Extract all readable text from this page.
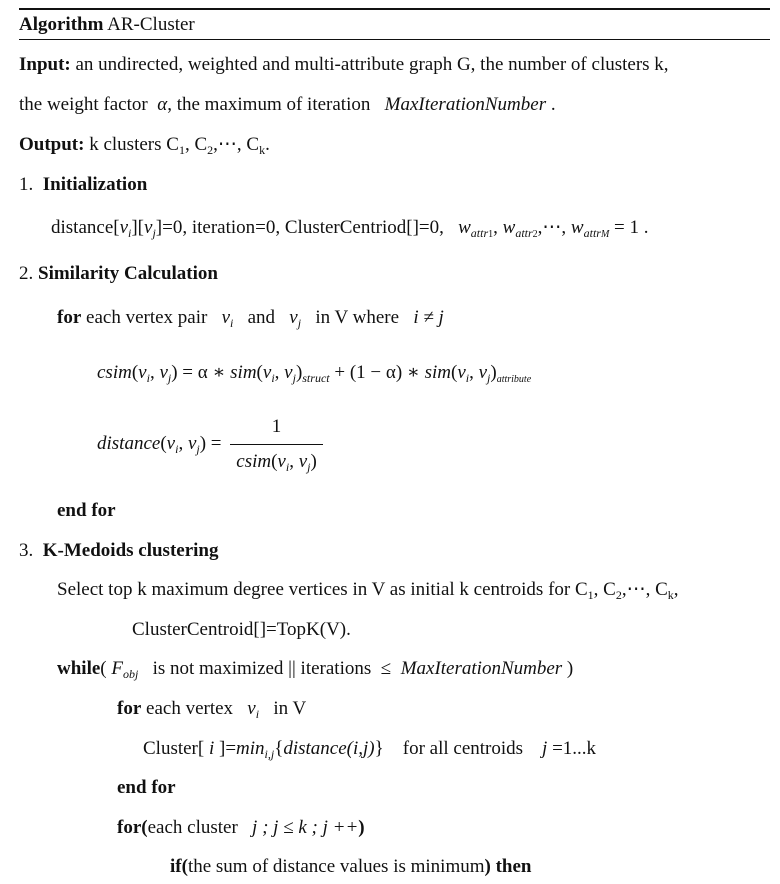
Algorithm AR-Cluster
Input: an undirected, weighted and multi-attribute graph G, the number of clusters k,
the weight factor α, the maximum of iteration MaxIterationNumber .
Output: k clusters $C_1$, $C_2,\cdots$, $C_k$.
1. Initialization
$distance[v_i][v_j]=0$, iteration=0, ClusterCentriod[]=0, $w_{attr1}$, $w_{attr2},\cdots$, $w_{attrM} = 1$ .
2. Similarity Calculation
for each vertex pair $v_i$ and $v_j$ in V where i ≠ j
$csim(v_i$, $v_j) = \alpha$ ∗ $sim(v_i$, $v_j)_{struct} + (1 - \alpha)$ ∗ $sim(v_i$, $v_j)_{attribute}$
$distance(v_i$, $v_j) = \frac{1}{csim(v_i, v_j)}$
end for
3. K-Medoids clustering
Select top k maximum degree vertices in V as initial k centroids for $C_1$, $C_2,\cdots$, $C_k$,
ClusterCentroid[]=TopK(V).
while( $F_{obj}$ is not maximized || iterations ≤ MaxIterationNumber )
for each vertex $v_i$ in V
Cluster[ i ]$=\min_{i,j}\{distance(i,j)\}$ for all centroids j =1...k
end for
for(each cluster j ; j ≤ k ; j ++)
if(the sum of distance values is minimum) then
